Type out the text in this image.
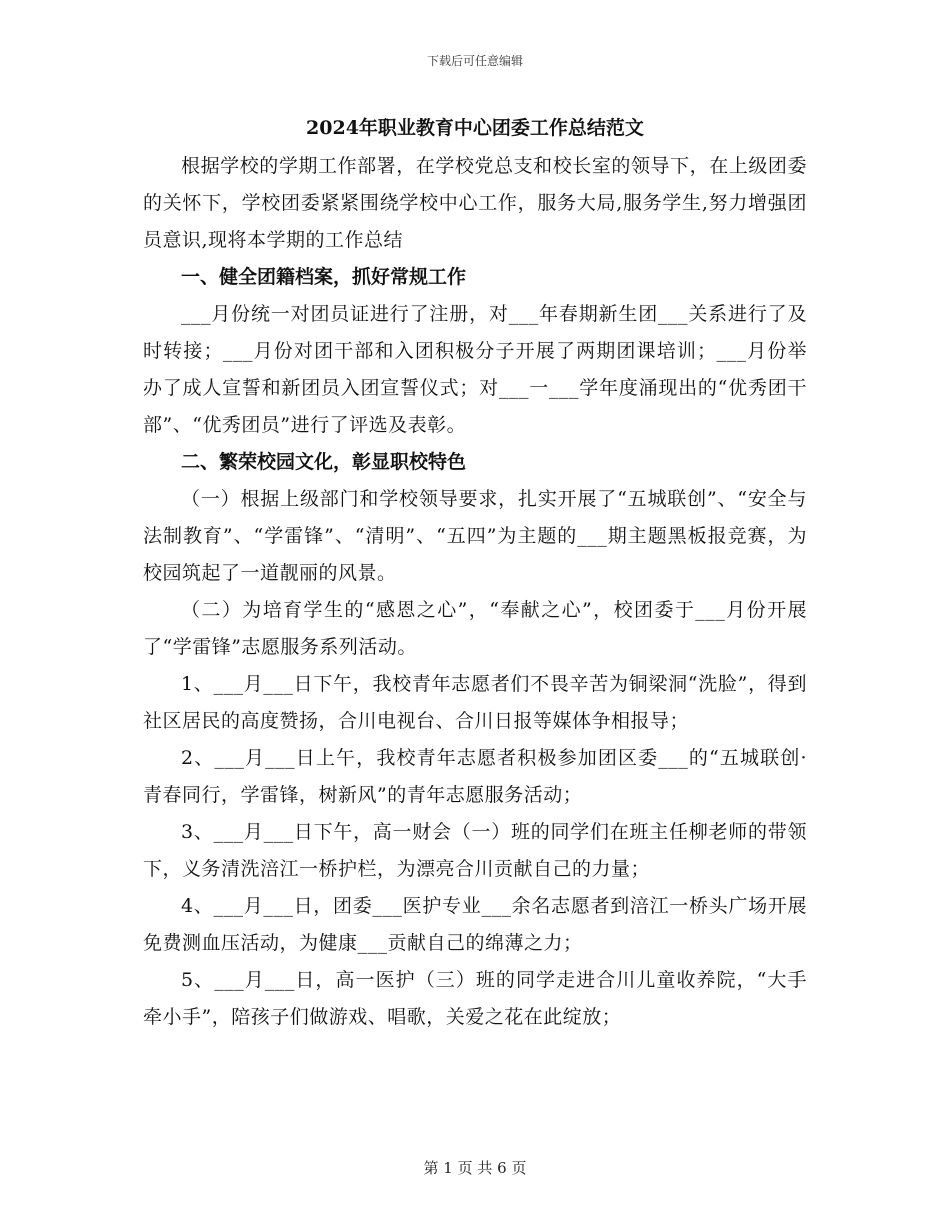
下载后可任意编辑
2024年职业教育中心团委工作总结范文

根据学校的学期工作部署，在学校党总支和校长室的领导下，在上级团委的关怀下，学校团委紧紧围绕学校中心工作，服务大局,服务学生,努力增强团员意识,现将本学期的工作总结

一、健全团籍档案，抓好常规工作

___月份统一对团员证进行了注册，对___年春期新生团___关系进行了及时转接；___月份对团干部和入团积极分子开展了两期团课培训；___月份举办了成人宣誓和新团员入团宣誓仪式；对___一___学年度涌现出的“优秀团干部”、“优秀团员”进行了评选及表彰。

二、繁荣校园文化，彰显职校特色

（一）根据上级部门和学校领导要求，扎实开展了“五城联创”、“安全与法制教育”、“学雷锋”、“清明”、“五四”为主题的___期主题黑板报竞赛，为校园筑起了一道靓丽的风景。

（二）为培育学生的“感恩之心”，“奉献之心”，校团委于___月份开展了“学雷锋”志愿服务系列活动。

1、___月___日下午，我校青年志愿者们不畏辛苦为铜梁洞“洗脸”，得到社区居民的高度赞扬，合川电视台、合川日报等媒体争相报导；

2、___月___日上午，我校青年志愿者积极参加团区委___的“五城联创·青春同行，学雷锋，树新风”的青年志愿服务活动；

3、___月___日下午，高一财会（一）班的同学们在班主任柳老师的带领下，义务清洗涪江一桥护栏，为漂亮合川贡献自己的力量；

4、___月___日，团委___医护专业___余名志愿者到涪江一桥头广场开展免费测血压活动，为健康___贡献自己的绵薄之力；

5、___月___日，高一医护（三）班的同学走进合川儿童收养院，“大手牵小手”，陪孩子们做游戏、唱歌，关爱之花在此绽放；

第 1 页 共 6 页
